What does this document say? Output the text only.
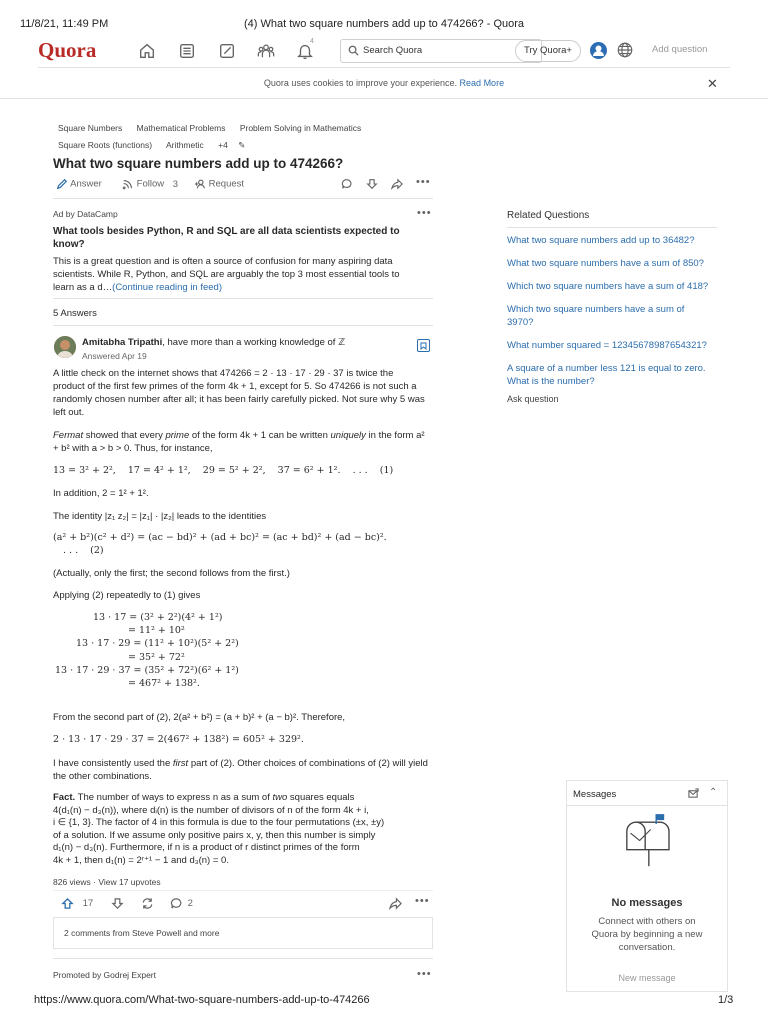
11/8/21, 11:49 PM	(4) What two square numbers add up to 474266? - Quora
Quora	4
Search Quora	Try Quora+	Add question
Quora uses cookies to improve your experience. Read More	✕
Square Numbers Mathematical Problems Problem Solving in Mathematics
Square Roots (functions) Arithmetic +4 ✎
What two square numbers add up to 474266?
Answer	Follow 3	Request	•••
Ad by DataCamp	•••
What tools besides Python, R and SQL are all data scientists expected to know?
This is a great question and is often a source of confusion for many aspiring data scientists. While R, Python, and SQL are arguably the top 3 most essential tools to learn as a d…(Continue reading in feed)
5 Answers
Amitabha Tripathi, have more than a working knowledge of ℤ
Answered Apr 19
A little check on the internet shows that 474266 = 2 · 13 · 17 · 29 · 37 is twice the product of the first few primes of the form 4k + 1, except for 5. So 474266 is not such a randomly chosen number after all; it has been fairly carefully picked. Not sure why 5 was left out.
Fermat showed that every prime of the form 4k + 1 can be written uniquely in the form a² + b² with a > b > 0. Thus, for instance,
13 = 3² + 2²,    17 = 4² + 1²,    29 = 5² + 2²,    37 = 6² + 1².    . . .    (1)
In addition, 2 = 1² + 1².
The identity |z₁ z₂| = |z₁| · |z₂| leads to the identities
(a² + b²)(c² + d²) = (ac − bd)² + (ad + bc)² = (ac + bd)² + (ad − bc)².
. . .    (2)
(Actually, only the first; the second follows from the first.)
Applying (2) repeatedly to (1) gives
13 · 17 = (3² + 2²)(4² + 1²)
= 11² + 10²
13 · 17 · 29 = (11² + 10²)(5² + 2²)
= 35² + 72²
13 · 17 · 29 · 37 = (35² + 72²)(6² + 1²)
= 467² + 138².
From the second part of (2), 2(a² + b²) = (a + b)² + (a − b)². Therefore,
2 · 13 · 17 · 29 · 37 = 2(467² + 138²) = 605² + 329².
I have consistently used the first part of (2). Other choices of combinations of (2) will yield the other combinations.
Fact. The number of ways to express n as a sum of two squares equals
4(d₁(n) − d₃(n)), where dᵢ(n) is the number of divisors of n of the form 4k + i,
i ∈ {1, 3}. The factor of 4 in this formula is due to the four permutations (±x, ±y)
of a solution. If we assume only positive pairs x, y, then this number is simply
d₁(n) − d₃(n). Furthermore, if n is a product of r distinct primes of the form
4k + 1, then d₁(n) = 2ʳ⁺¹ − 1 and d₃(n) = 0.
826 views · View 17 upvotes
17	2	•••
2 comments from Steve Powell and more
Promoted by Godrej Expert	•••
Related Questions
What two square numbers add up to 36482?
What two square numbers have a sum of 850?
Which two square numbers have a sum of 418?
Which two square numbers have a sum of 3970?
What number squared = 12345678987654321?
A square of a number less 121 is equal to zero. What is the number?
Ask question
Messages	⌃
No messages
Connect with others on Quora by beginning a new conversation.
New message
https://www.quora.com/What-two-square-numbers-add-up-to-474266	1/3
